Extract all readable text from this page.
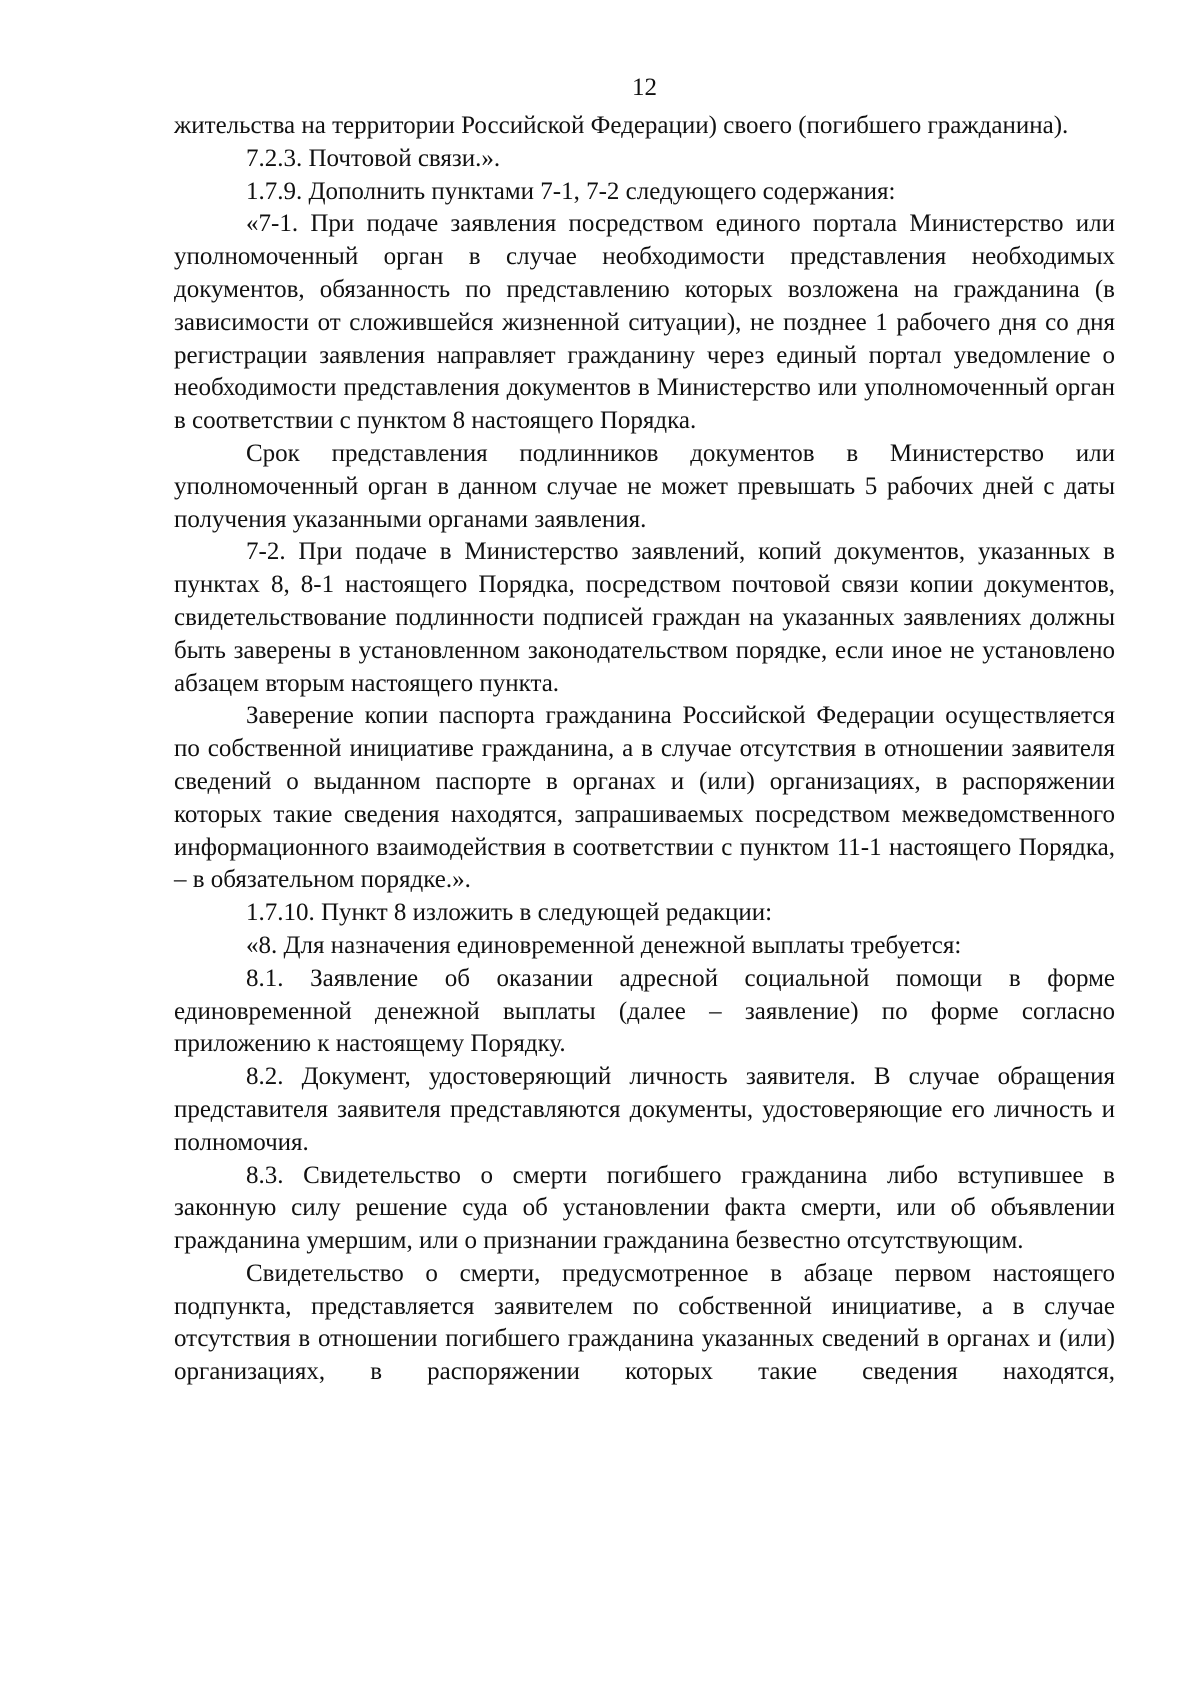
12

жительства на территории Российской Федерации) своего (погибшего гражданина).

7.2.3. Почтовой связи.».

1.7.9. Дополнить пунктами 7-1, 7-2 следующего содержания:

«7-1. При подаче заявления посредством единого портала Министерство или уполномоченный орган в случае необходимости представления необходимых документов, обязанность по представлению которых возложена на гражданина (в зависимости от сложившейся жизненной ситуации), не позднее 1 рабочего дня со дня регистрации заявления направляет гражданину через единый портал уведомление о необходимости представления документов в Министерство или уполномоченный орган в соответствии с пунктом 8 настоящего Порядка.

Срок представления подлинников документов в Министерство или уполномоченный орган в данном случае не может превышать 5 рабочих дней с даты получения указанными органами заявления.

7-2. При подаче в Министерство заявлений, копий документов, указанных в пунктах 8, 8-1 настоящего Порядка, посредством почтовой связи копии документов, свидетельствование подлинности подписей граждан на указанных заявлениях должны быть заверены в установленном законодательством порядке, если иное не установлено абзацем вторым настоящего пункта.

Заверение копии паспорта гражданина Российской Федерации осуществляется по собственной инициативе гражданина, а в случае отсутствия в отношении заявителя сведений о выданном паспорте в органах и (или) организациях, в распоряжении которых такие сведения находятся, запрашиваемых посредством межведомственного информационного взаимодействия в соответствии с пунктом 11-1 настоящего Порядка, – в обязательном порядке.».

1.7.10. Пункт 8 изложить в следующей редакции:

«8. Для назначения единовременной денежной выплаты требуется:

8.1. Заявление об оказании адресной социальной помощи в форме единовременной денежной выплаты (далее – заявление) по форме согласно приложению к настоящему Порядку.

8.2. Документ, удостоверяющий личность заявителя. В случае обращения представителя заявителя представляются документы, удостоверяющие его личность и полномочия.

8.3. Свидетельство о смерти погибшего гражданина либо вступившее в законную силу решение суда об установлении факта смерти, или об объявлении гражданина умершим, или о признании гражданина безвестно отсутствующим.

Свидетельство о смерти, предусмотренное в абзаце первом настоящего подпункта, представляется заявителем по собственной инициативе, а в случае отсутствия в отношении погибшего гражданина указанных сведений в органах и (или) организациях, в распоряжении которых такие сведения находятся,
